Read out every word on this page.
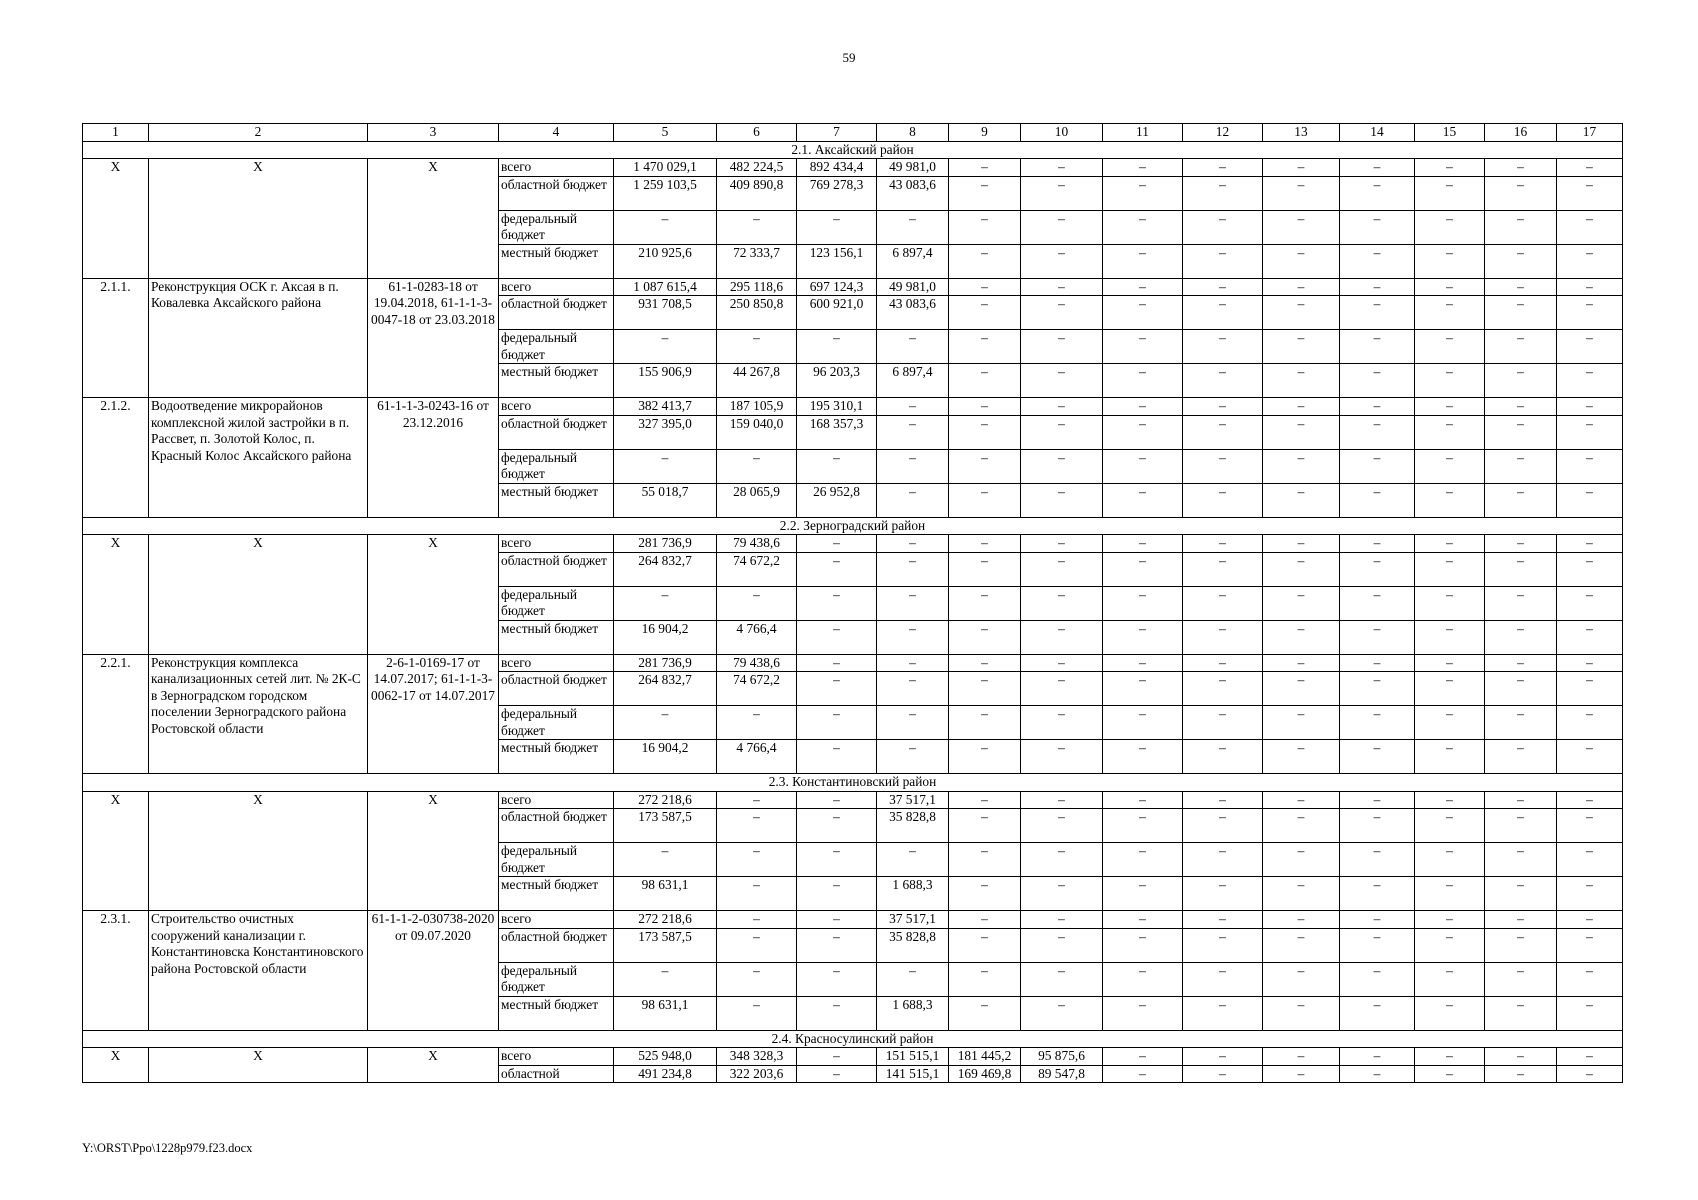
59
1	2	3	4	5	6	7	8	9	10	11	12	13	14	15	16	17
2.1. Аксайский район																
X	X	X	всего	1 470 029,1	482 224,5	892 434,4	49 981,0	–	–	–	–	–	–	–	–	–
			областной бюджет	1 259 103,5	409 890,8	769 278,3	43 083,6	–	–	–	–	–	–	–	–	–
			федеральный бюджет	–	–	–	–	–	–	–	–	–	–	–	–	–
			местный бюджет	210 925,6	72 333,7	123 156,1	6 897,4	–	–	–	–	–	–	–	–	–
2.1.1.	Реконструкция ОСК г. Аксая в п. Ковалевка Аксайского района	61-1-0283-18 от 19.04.2018, 61-1-1-3-0047-18 от 23.03.2018	всего	1 087 615,4	295 118,6	697 124,3	49 981,0	–	–	–	–	–	–	–	–	–
			областной бюджет	931 708,5	250 850,8	600 921,0	43 083,6	–	–	–	–	–	–	–	–	–
			федеральный бюджет	–	–	–	–	–	–	–	–	–	–	–	–	–
			местный бюджет	155 906,9	44 267,8	96 203,3	6 897,4	–	–	–	–	–	–	–	–	–
2.1.2.	Водоотведение микрорайонов комплексной жилой застройки в п. Рассвет, п. Золотой Колос, п. Красный Колос Аксайского района	61-1-1-3-0243-16 от 23.12.2016	всего	382 413,7	187 105,9	195 310,1	–	–	–	–	–	–	–	–	–	–
			областной бюджет	327 395,0	159 040,0	168 357,3	–	–	–	–	–	–	–	–	–	–
			федеральный бюджет	–	–	–	–	–	–	–	–	–	–	–	–	–
			местный бюджет	55 018,7	28 065,9	26 952,8	–	–	–	–	–	–	–	–	–	–
2.2. Зерноградский район																
X	X	X	всего	281 736,9	79 438,6	–	–	–	–	–	–	–	–	–	–	–
			областной бюджет	264 832,7	74 672,2	–	–	–	–	–	–	–	–	–	–	–
			федеральный бюджет	–	–	–	–	–	–	–	–	–	–	–	–	–
			местный бюджет	16 904,2	4 766,4	–	–	–	–	–	–	–	–	–	–	–
2.2.1.	Реконструкция комплекса канализационных сетей лит. № 2К-С в Зерноградском городском поселении Зерноградского района Ростовской области	2-6-1-0169-17 от 14.07.2017; 61-1-1-3-0062-17 от 14.07.2017	всего	281 736,9	79 438,6	–	–	–	–	–	–	–	–	–	–	–
			областной бюджет	264 832,7	74 672,2	–	–	–	–	–	–	–	–	–	–	–
			федеральный бюджет	–	–	–	–	–	–	–	–	–	–	–	–	–
			местный бюджет	16 904,2	4 766,4	–	–	–	–	–	–	–	–	–	–	–
2.3. Константиновский район																
X	X	X	всего	272 218,6	–	–	37 517,1	–	–	–	–	–	–	–	–	–
			областной бюджет	173 587,5	–	–	35 828,8	–	–	–	–	–	–	–	–	–
			федеральный бюджет	–	–	–	–	–	–	–	–	–	–	–	–	–
			местный бюджет	98 631,1	–	–	1 688,3	–	–	–	–	–	–	–	–	–
2.3.1.	Строительство очистных сооружений канализации г. Константиновска Константиновского района Ростовской области	61-1-1-2-030738-2020 от 09.07.2020	всего	272 218,6	–	–	37 517,1	–	–	–	–	–	–	–	–	–
			областной бюджет	173 587,5	–	–	35 828,8	–	–	–	–	–	–	–	–	–
			федеральный бюджет	–	–	–	–	–	–	–	–	–	–	–	–	–
			местный бюджет	98 631,1	–	–	1 688,3	–	–	–	–	–	–	–	–	–
2.4. Красносулинский район																
X	X	X	всего	525 948,0	348 328,3	–	151 515,1	181 445,2	95 875,6	–	–	–	–	–	–	–
			областной	491 234,8	322 203,6	–	141 515,1	169 469,8	89 547,8	–	–	–	–	–	–	–
Y:\ORST\Ppo\1228p979.f23.docx
